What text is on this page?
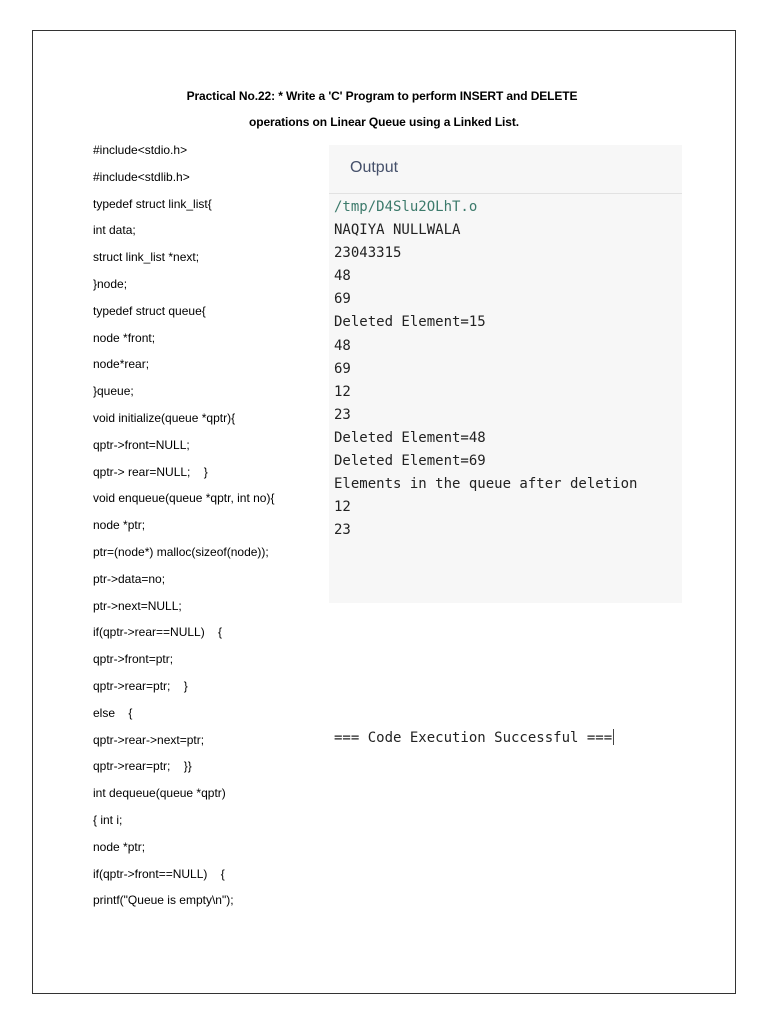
Practical No.22: * Write a 'C' Program to perform INSERT and DELETE
operations on Linear Queue using a Linked List.
#include<stdio.h>
#include<stdlib.h>
typedef struct link_list{
int data;
struct link_list *next;
}node;
typedef struct queue{
node *front;
node*rear;
}queue;
void initialize(queue *qptr){
qptr->front=NULL;
qptr-> rear=NULL;    }
void enqueue(queue *qptr, int no){
node *ptr;
ptr=(node*) malloc(sizeof(node));
ptr->data=no;
ptr->next=NULL;
if(qptr->rear==NULL)    {
qptr->front=ptr;
qptr->rear=ptr;    }
else    {
qptr->rear->next=ptr;
qptr->rear=ptr;    }}
int dequeue(queue *qptr)
{ int i;
node *ptr;
if(qptr->front==NULL)    {
printf("Queue is empty\n");
Output
/tmp/D4Slu2OLhT.o
NAQIYA NULLWALA
23043315
48
69
Deleted Element=15
48
69
12
23
Deleted Element=48
Deleted Element=69
Elements in the queue after deletion
12
23
=== Code Execution Successful ===
